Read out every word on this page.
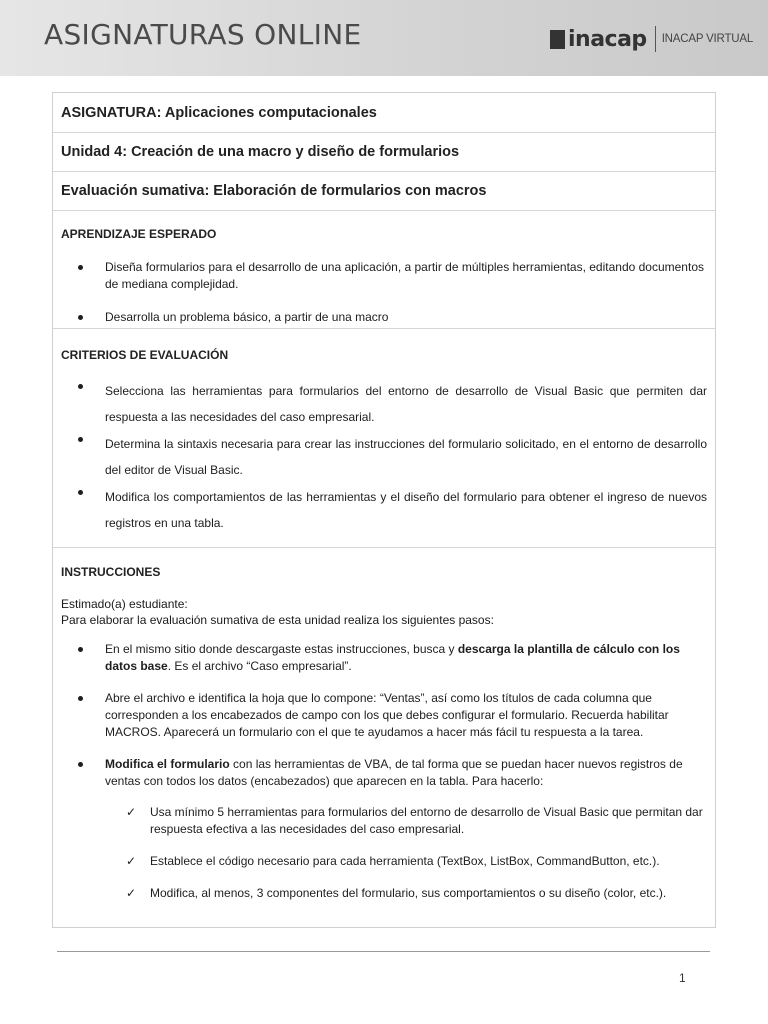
ASIGNATURAS ONLINE	inacap INACAP VIRTUAL
ASIGNATURA: Aplicaciones computacionales
Unidad 4: Creación de una macro y diseño de formularios
Evaluación sumativa: Elaboración de formularios con macros

APRENDIZAJE ESPERADO

Diseña formularios para el desarrollo de una aplicación, a partir de múltiples herramientas, editando documentos de mediana complejidad.
Desarrolla un problema básico, a partir de una macro

CRITERIOS DE EVALUACIÓN

Selecciona las herramientas para formularios del entorno de desarrollo de Visual Basic que permiten dar respuesta a las necesidades del caso empresarial.
Determina la sintaxis necesaria para crear las instrucciones del formulario solicitado, en el entorno de desarrollo del editor de Visual Basic.
Modifica los comportamientos de las herramientas y el diseño del formulario para obtener el ingreso de nuevos registros en una tabla.

INSTRUCCIONES

Estimado(a) estudiante:
Para elaborar la evaluación sumativa de esta unidad realiza los siguientes pasos:
En el mismo sitio donde descargaste estas instrucciones, busca y descarga la plantilla de cálculo con los datos base. Es el archivo “Caso empresarial”.
Abre el archivo e identifica la hoja que lo compone: “Ventas”, así como los títulos de cada columna que corresponden a los encabezados de campo con los que debes configurar el formulario. Recuerda habilitar MACROS. Aparecerá un formulario con el que te ayudamos a hacer más fácil tu respuesta a la tarea.
Modifica el formulario con las herramientas de VBA, de tal forma que se puedan hacer nuevos registros de ventas con todos los datos (encabezados) que aparecen en la tabla. Para hacerlo:
✓ Usa mínimo 5 herramientas para formularios del entorno de desarrollo de Visual Basic que permitan dar respuesta efectiva a las necesidades del caso empresarial.
✓ Establece el código necesario para cada herramienta (TextBox, ListBox, CommandButton, etc.).
✓ Modifica, al menos, 3 componentes del formulario, sus comportamientos o su diseño (color, etc.).
1
